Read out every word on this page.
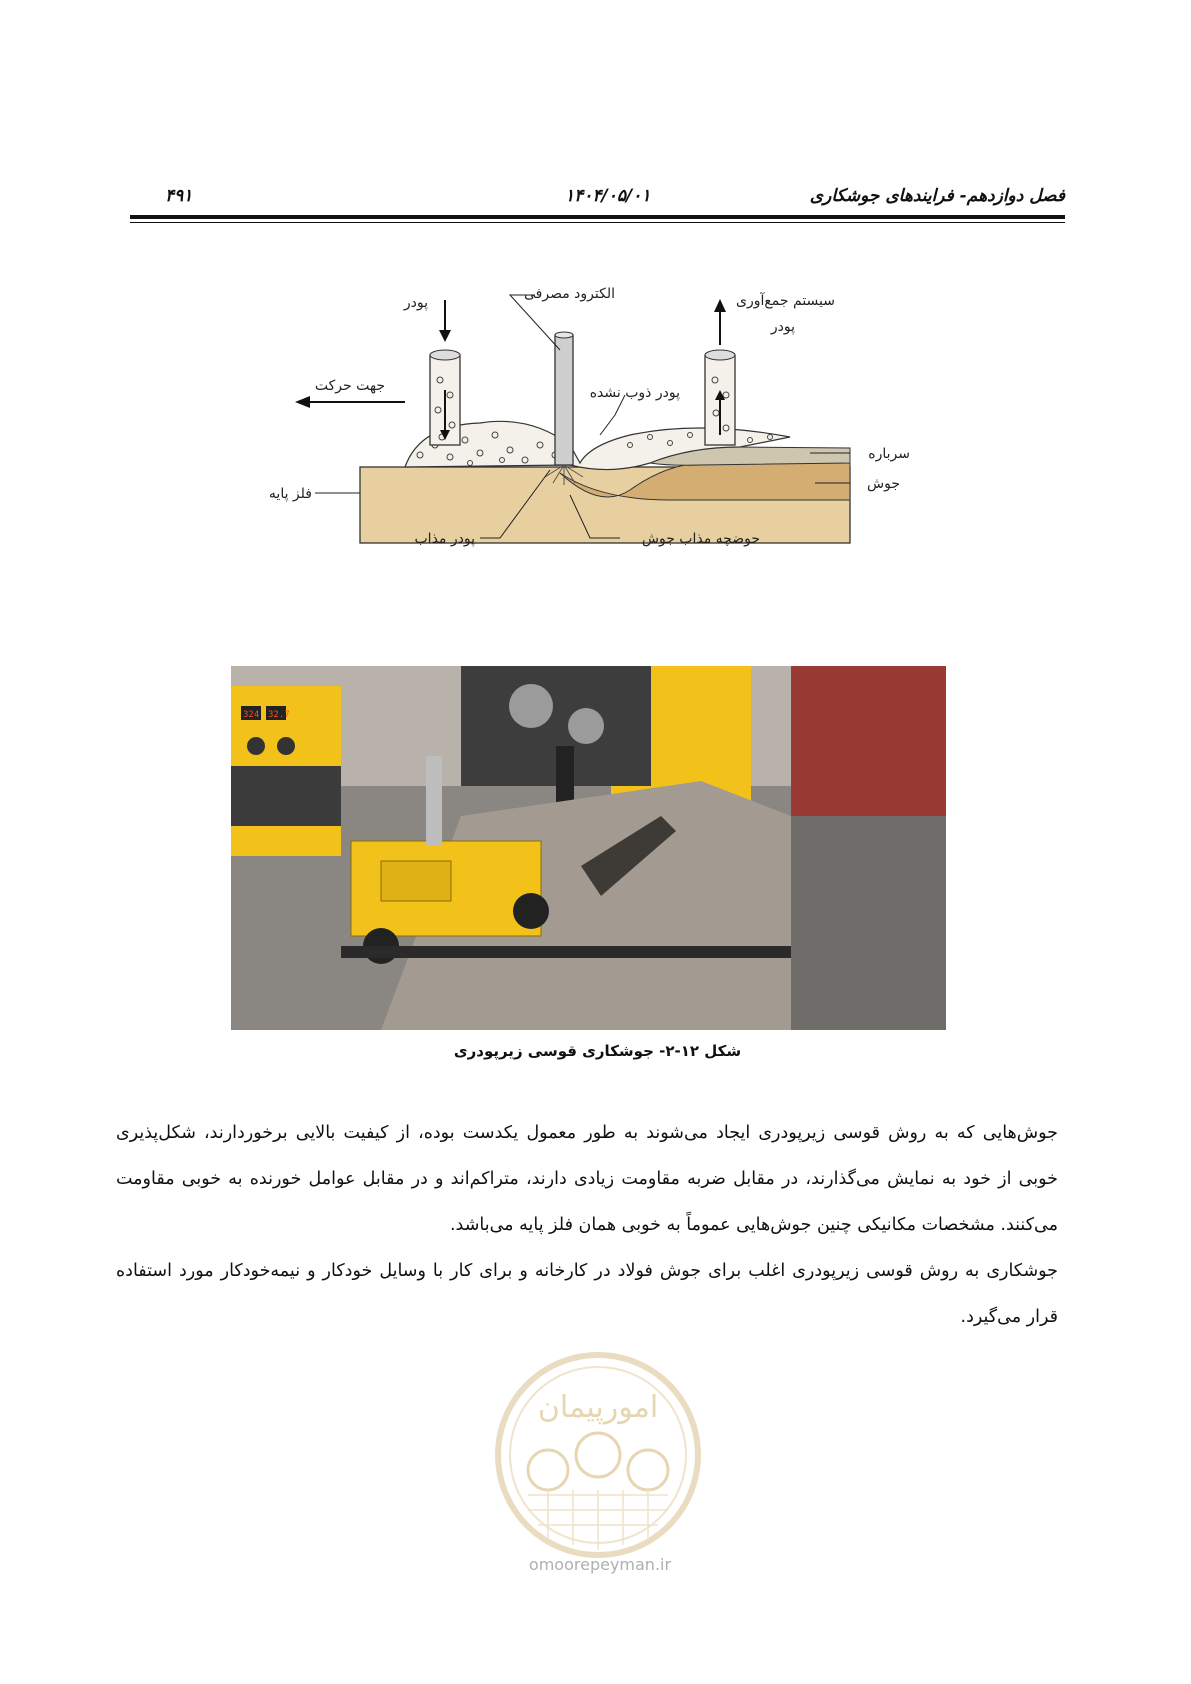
فصل دوازدهم- فرایندهای جوشکاری
۱۴۰۴/۰۵/۰۱
۴۹۱
پودر
الکترود مصرفی	سیستم جمع‌آوری
پودر
جهت حرکت	پودر ذوب نشده
سرباره
جوش
فلز پایه
پودر مذاب	حوضچه مذاب جوش
324 32.7
شکل ۱۲-۲- جوشکاری قوسی زیرپودری

جوش‌هایی که به روش قوسی زیرپودری ایجاد می‌شوند به طور معمول یکدست بوده، از کیفیت بالایی برخوردارند، شکل‌پذیری خوبی از خود به نمایش می‌گذارند، در مقابل ضربه مقاومت زیادی دارند، متراکم‌اند و در مقابل عوامل خورنده به خوبی مقاومت می‌کنند. مشخصات مکانیکی چنین جوش‌هایی عموماً به خوبی همان فلز پایه می‌باشد.

جوشکاری به روش قوسی زیرپودری اغلب برای جوش فولاد در کارخانه و برای کار با وسایل خودکار و نیمه‌خودکار مورد استفاده قرار می‌گیرد.

امورپیمان
omoorepeyman.ir
